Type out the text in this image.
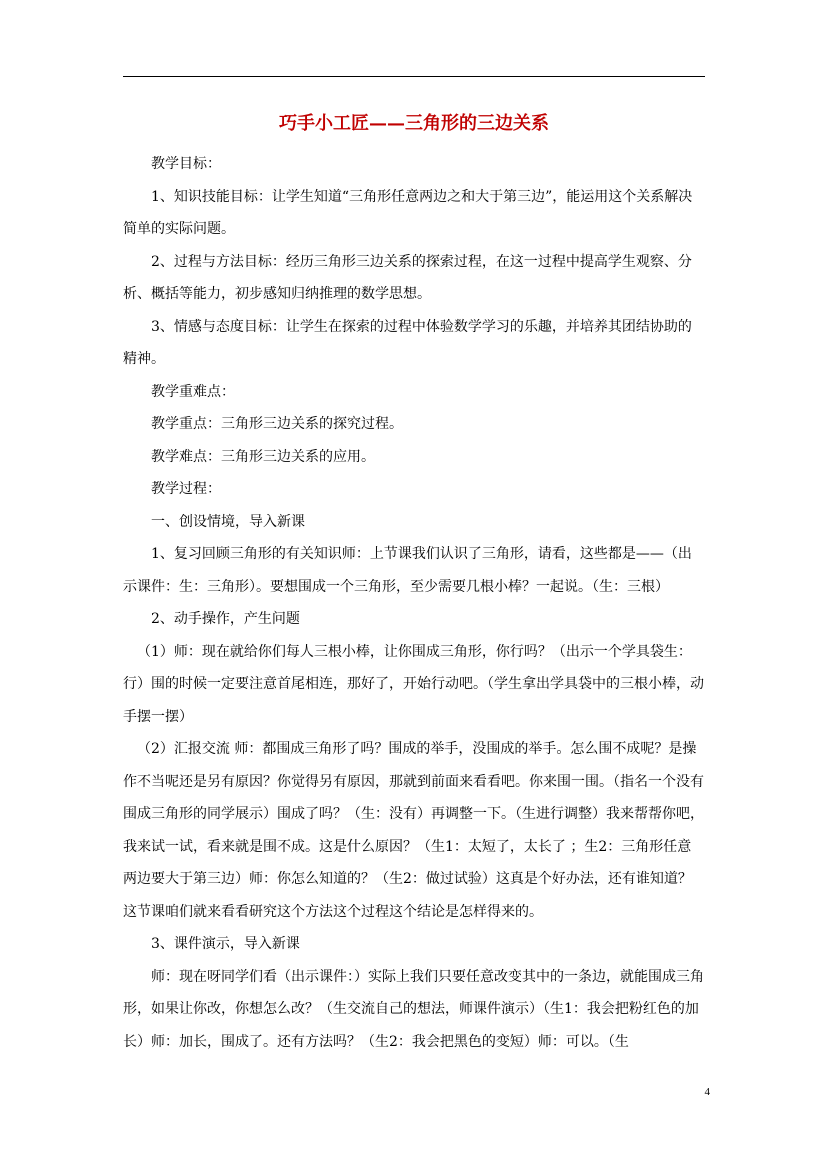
巧手小工匠——三角形的三边关系

教学目标：

1、知识技能目标：让学生知道“三角形任意两边之和大于第三边”，能运用这个关系解决简单的实际问题。

2、过程与方法目标：经历三角形三边关系的探索过程，在这一过程中提高学生观察、分析、概括等能力，初步感知归纳推理的数学思想。

3、情感与态度目标：让学生在探索的过程中体验数学学习的乐趣，并培养其团结协助的精神。

教学重难点：

教学重点：三角形三边关系的探究过程。

教学难点：三角形三边关系的应用。

教学过程：

一、创设情境，导入新课

1、复习回顾三角形的有关知识师：上节课我们认识了三角形，请看，这些都是——（出示课件：生：三角形）。要想围成一个三角形，至少需要几根小棒？一起说。（生：三根）

2、动手操作，产生问题

（1）师：现在就给你们每人三根小棒，让你围成三角形，你行吗？（出示一个学具袋生：行）围的时候一定要注意首尾相连，那好了，开始行动吧。（学生拿出学具袋中的三根小棒，动手摆一摆）

（2）汇报交流 师：都围成三角形了吗？围成的举手，没围成的举手。怎么围不成呢？是操作不当呢还是另有原因？你觉得另有原因，那就到前面来看看吧。你来围一围。（指名一个没有围成三角形的同学展示）围成了吗？（生：没有）再调整一下。（生进行调整）我来帮帮你吧，我来试一试，看来就是围不成。这是什么原因？（生1：太短了，太长了 ；生2：三角形任意两边要大于第三边）师：你怎么知道的？（生2：做过试验）这真是个好办法，还有谁知道？这节课咱们就来看看研究这个方法这个过程这个结论是怎样得来的。

3、课件演示，导入新课

师：现在呀同学们看（出示课件：）实际上我们只要任意改变其中的一条边，就能围成三角形，如果让你改，你想怎么改？（生交流自己的想法，师课件演示）（生1：我会把粉红色的加长）师：加长，围成了。还有方法吗？（生2：我会把黑色的变短）师：可以。（生

4
